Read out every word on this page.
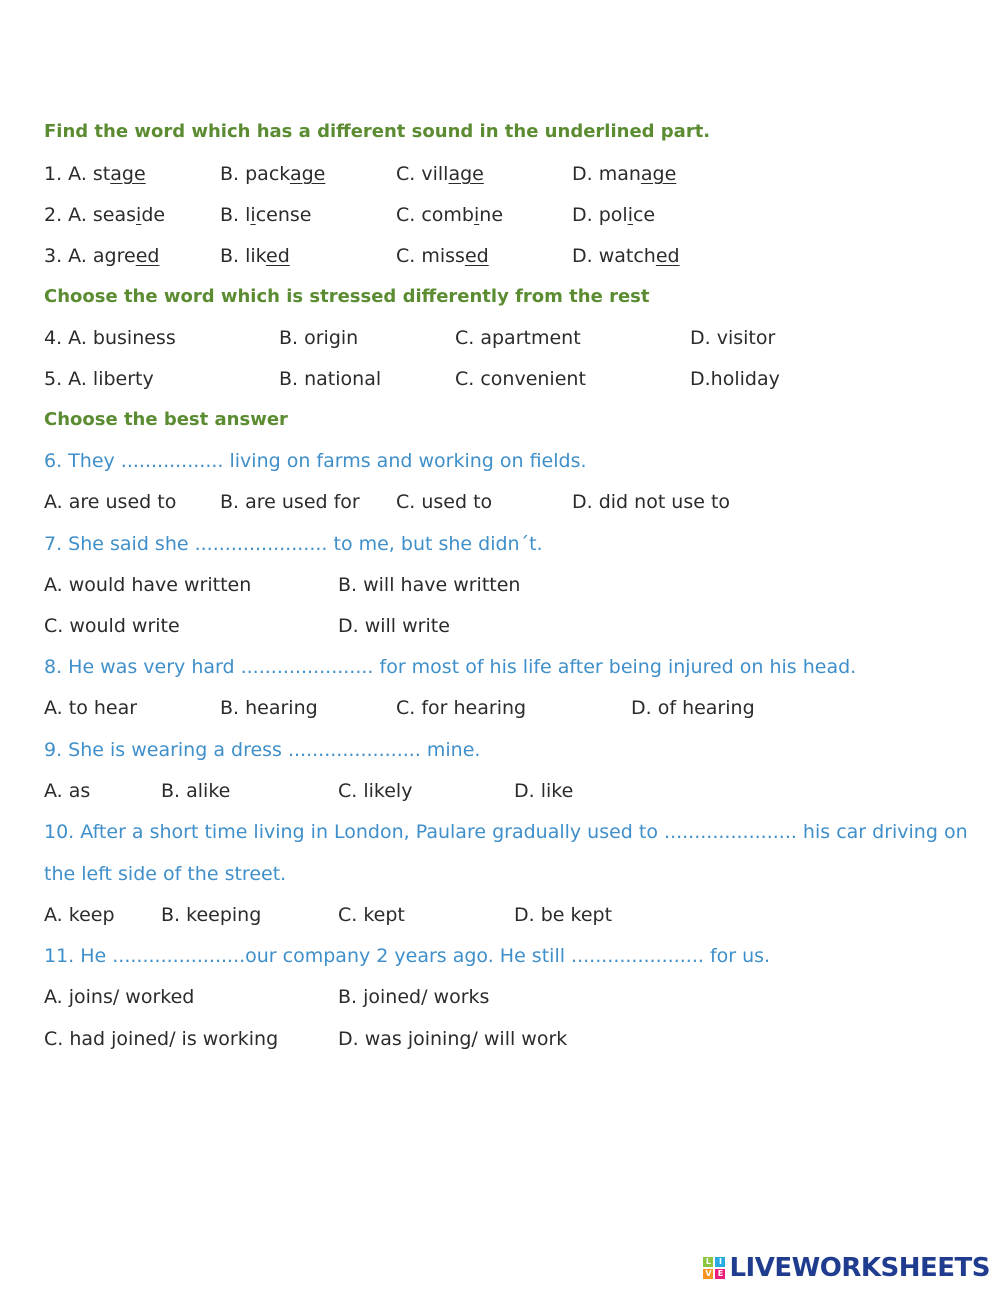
Find the word which has a different sound in the underlined part.
1. A. stage	B. package	C. village	D. manage
2. A. seaside	B. license	C. combine	D. police
3. A. agreed	B. liked	C. missed	D. watched
Choose the word which is stressed differently from the rest
4. A. business	B. origin	C. apartment	D. visitor
5. A. liberty	B. national	C. convenient	D.holiday
Choose the best answer
6. They ................. living on farms and working on fields.
A. are used to B. are used for C. used to	D. did not use to
7. She said she ...................... to me, but she didn´t.
A. would have written	B. will have written
C. would write	D. will write
8. He was very hard ...................... for most of his life after being injured on his head.
A. to hear	B. hearing	C. for hearing	D. of hearing
9. She is wearing a dress ...................... mine.
A. as	B. alike	C. likely	D. like
10. After a short time living in London, Paulare gradually used to ...................... his car driving on
the left side of the street.
A. keep B. keeping	C. kept	D. be kept
11. He ......................our company 2 years ago. He still ...................... for us.
A. joins/ worked	B. joined/ works
C. had joined/ is working	D. was joining/ will work
L I
V E LIVEWORKSHEETS
